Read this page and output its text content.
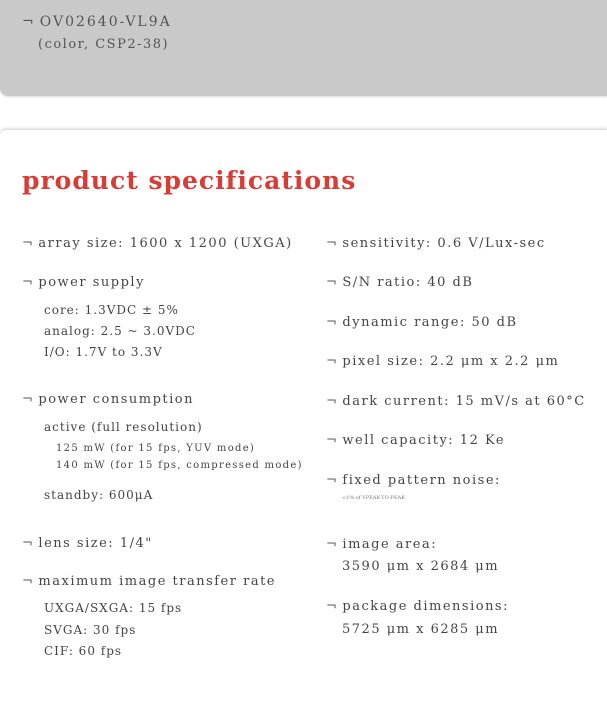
¬ OV02640-VL9A
(color, CSP2-38)
product specifications
¬ array size: 1600 x 1200 (UXGA)
¬ power supply
core: 1.3VDC ± 5%
analog: 2.5 ~ 3.0VDC
I/O: 1.7V to 3.3V
¬ power consumption
active (full resolution)
125 mW (for 15 fps, YUV mode)
140 mW (for 15 fps, compressed mode)
standby: 600μA
¬ lens size: 1/4"
¬ maximum image transfer rate
UXGA/SXGA: 15 fps
SVGA: 30 fps
CIF: 60 fps
¬ sensitivity: 0.6 V/Lux-sec
¬ S/N ratio: 40 dB
¬ dynamic range: 50 dB
¬ pixel size: 2.2 μm x 2.2 μm
¬ dark current: 15 mV/s at 60°C
¬ well capacity: 12 Ke
¬ fixed pattern noise:
<1% of VPEAK-TO-PEAK
¬ image area:
3590 μm x 2684 μm
¬ package dimensions:
5725 μm x 6285 μm
